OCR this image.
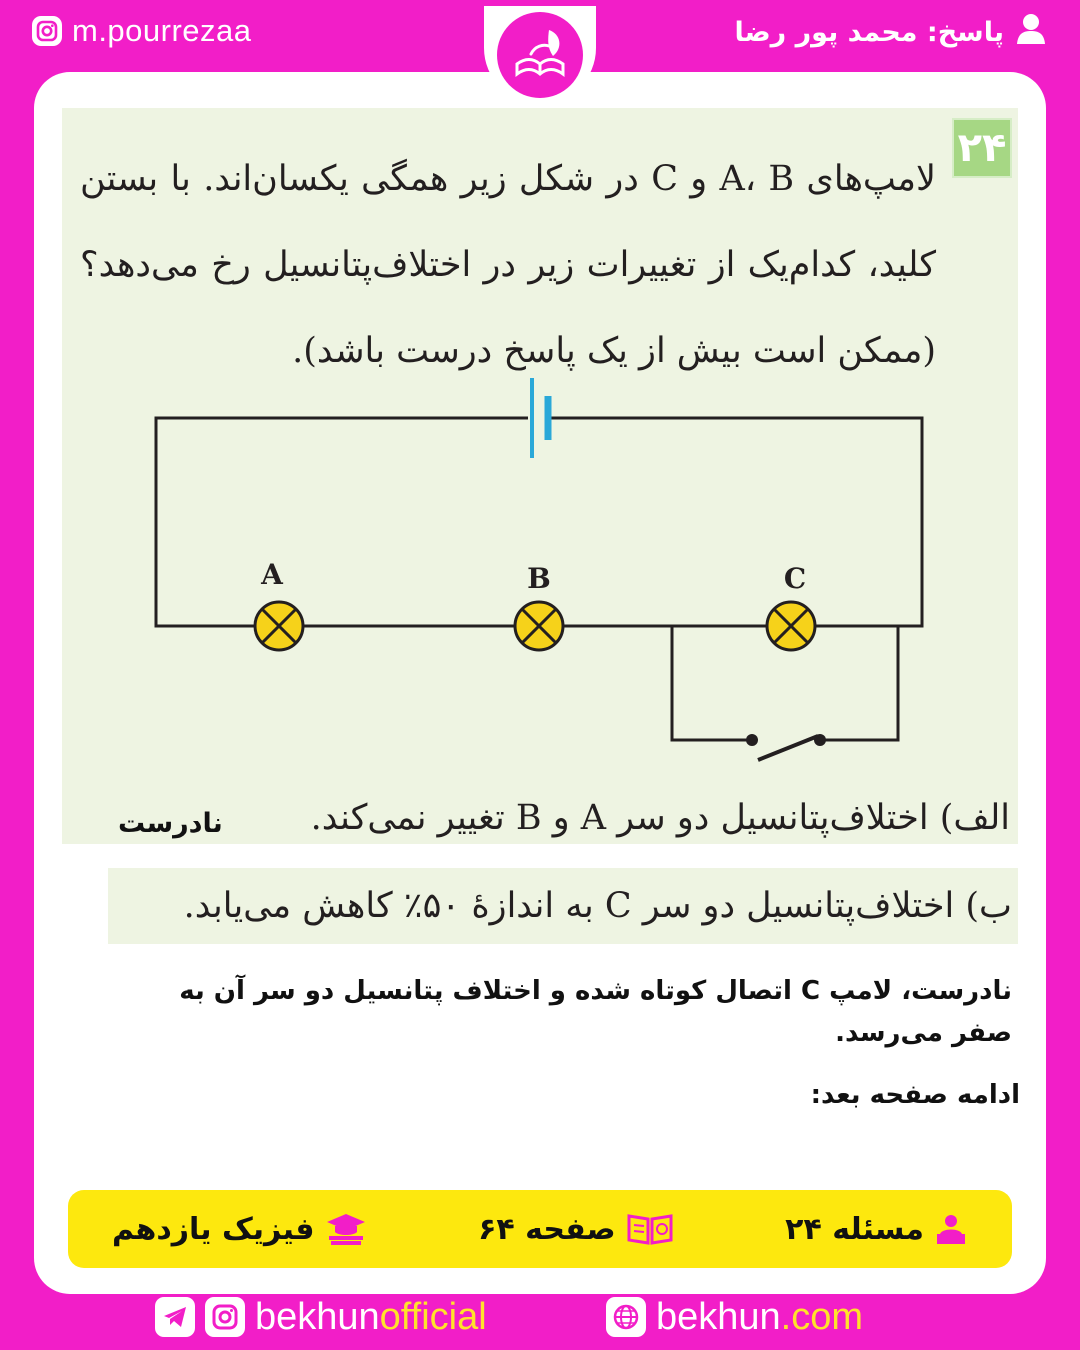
m.pourrezaa	پاسخ: محمد پور رضا
۲۴
لامپ‌های A، B و C در شکل زیر همگی یکسان‌اند. با بستن کلید، کدام‌یک از تغییرات زیر در اختلاف‌پتانسیل رخ می‌دهد؟ (ممکن است بیش از یک پاسخ درست باشد).
A	B	C
الف) اختلاف‌پتانسیل دو سر A و B تغییر نمی‌کند.
نادرست
ب) اختلاف‌پتانسیل دو سر C به اندازهٔ ۵۰٪ کاهش می‌یابد.
نادرست، لامپ C اتصال کوتاه شده و اختلاف پتانسیل دو سر آن به صفر می‌رسد.
ادامه صفحه بعد:
مسئله ۲۴
صفحه ۶۴
فیزیک یازدهم
bekhunofficial	bekhun.com
